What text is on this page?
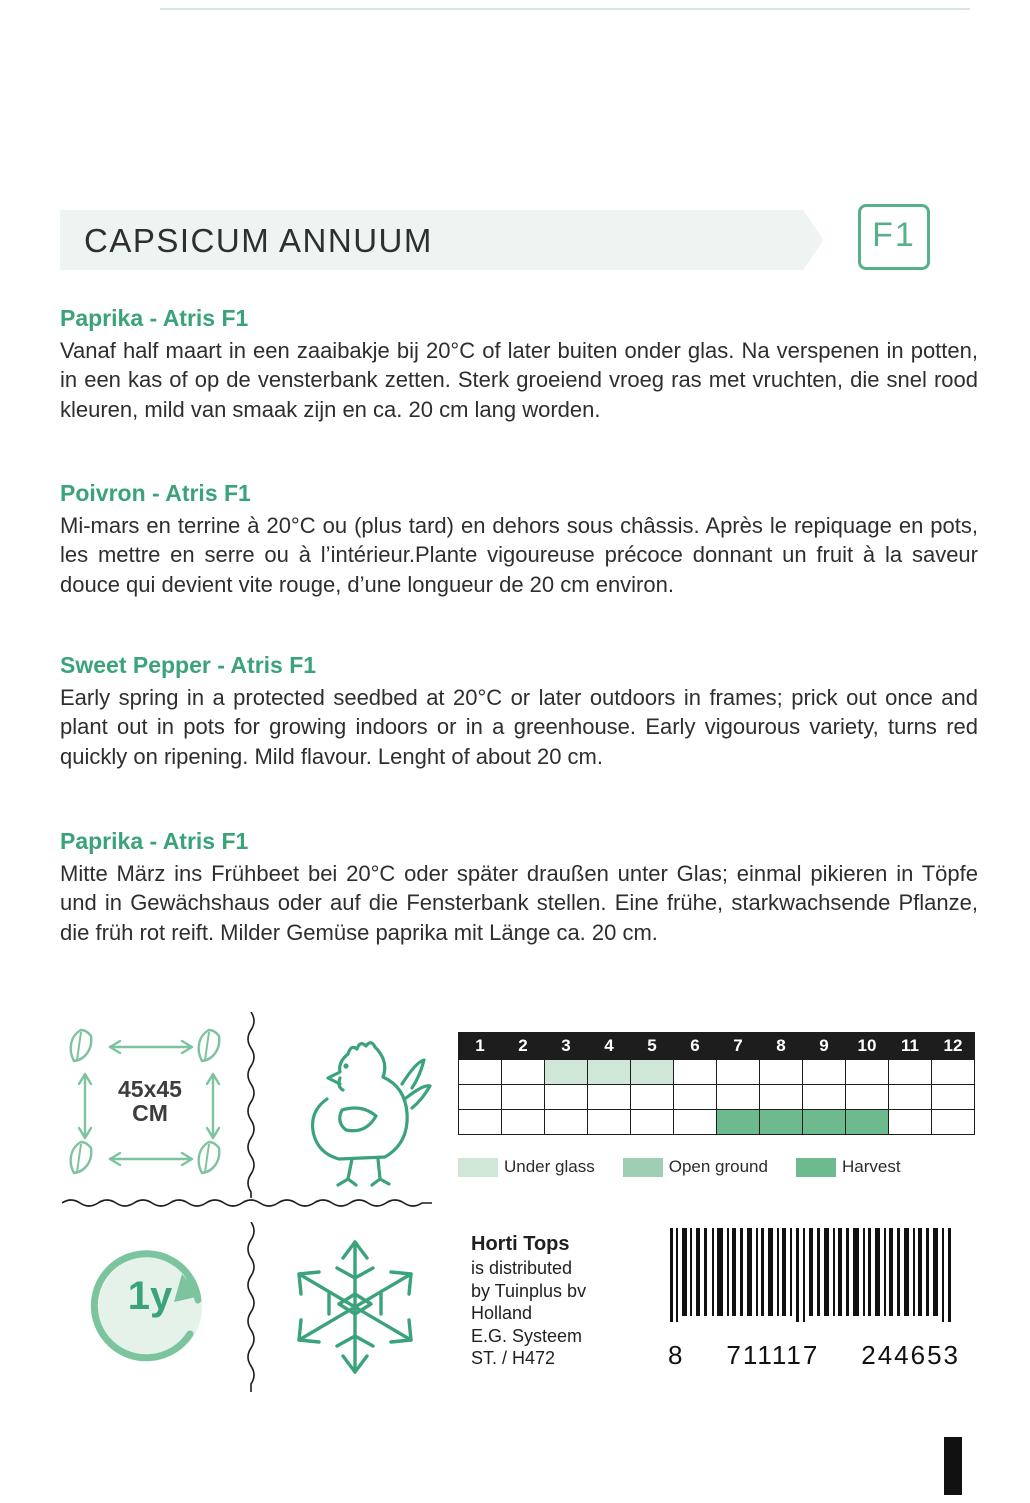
CAPSICUM ANNUUM	F1
Paprika - Atris F1

Vanaf half maart in een zaaibakje bij 20°C of later buiten onder glas. Na verspenen in potten, in een kas of op de vensterbank zetten. Sterk groeiend vroeg ras met vruchten, die snel rood kleuren, mild van smaak zijn en ca. 20 cm lang worden.

Poivron - Atris F1

Mi-mars en terrine à 20°C ou (plus tard) en dehors sous châssis. Après le repiquage en pots, les mettre en serre ou à l’intérieur.Plante vigoureuse précoce donnant un fruit à la saveur douce qui devient vite rouge, d’une longueur de 20 cm environ.

Sweet Pepper - Atris F1

Early spring in a protected seedbed at 20°C or later outdoors in frames; prick out once and plant out in pots for growing indoors or in a greenhouse. Early vigourous variety, turns red quickly on ripening. Mild flavour. Lenght of about 20 cm.

Paprika - Atris F1

Mitte März ins Frühbeet bei 20°C oder später draußen unter Glas; einmal pikieren in Töpfe und in Gewächshaus oder auf die Fensterbank stellen. Eine frühe, starkwachsende Pflanze, die früh rot reift. Milder Gemüse paprika mit Länge ca. 20 cm.

45x45
CM
1y
1	2	3	4	5	6	7	8	9	10	11	12

Under glass	Open ground	Harvest
Horti Tops
is distributed
by Tuinplus bv
Holland
E.G. Systeem
ST. / H472	8 711117 244653
